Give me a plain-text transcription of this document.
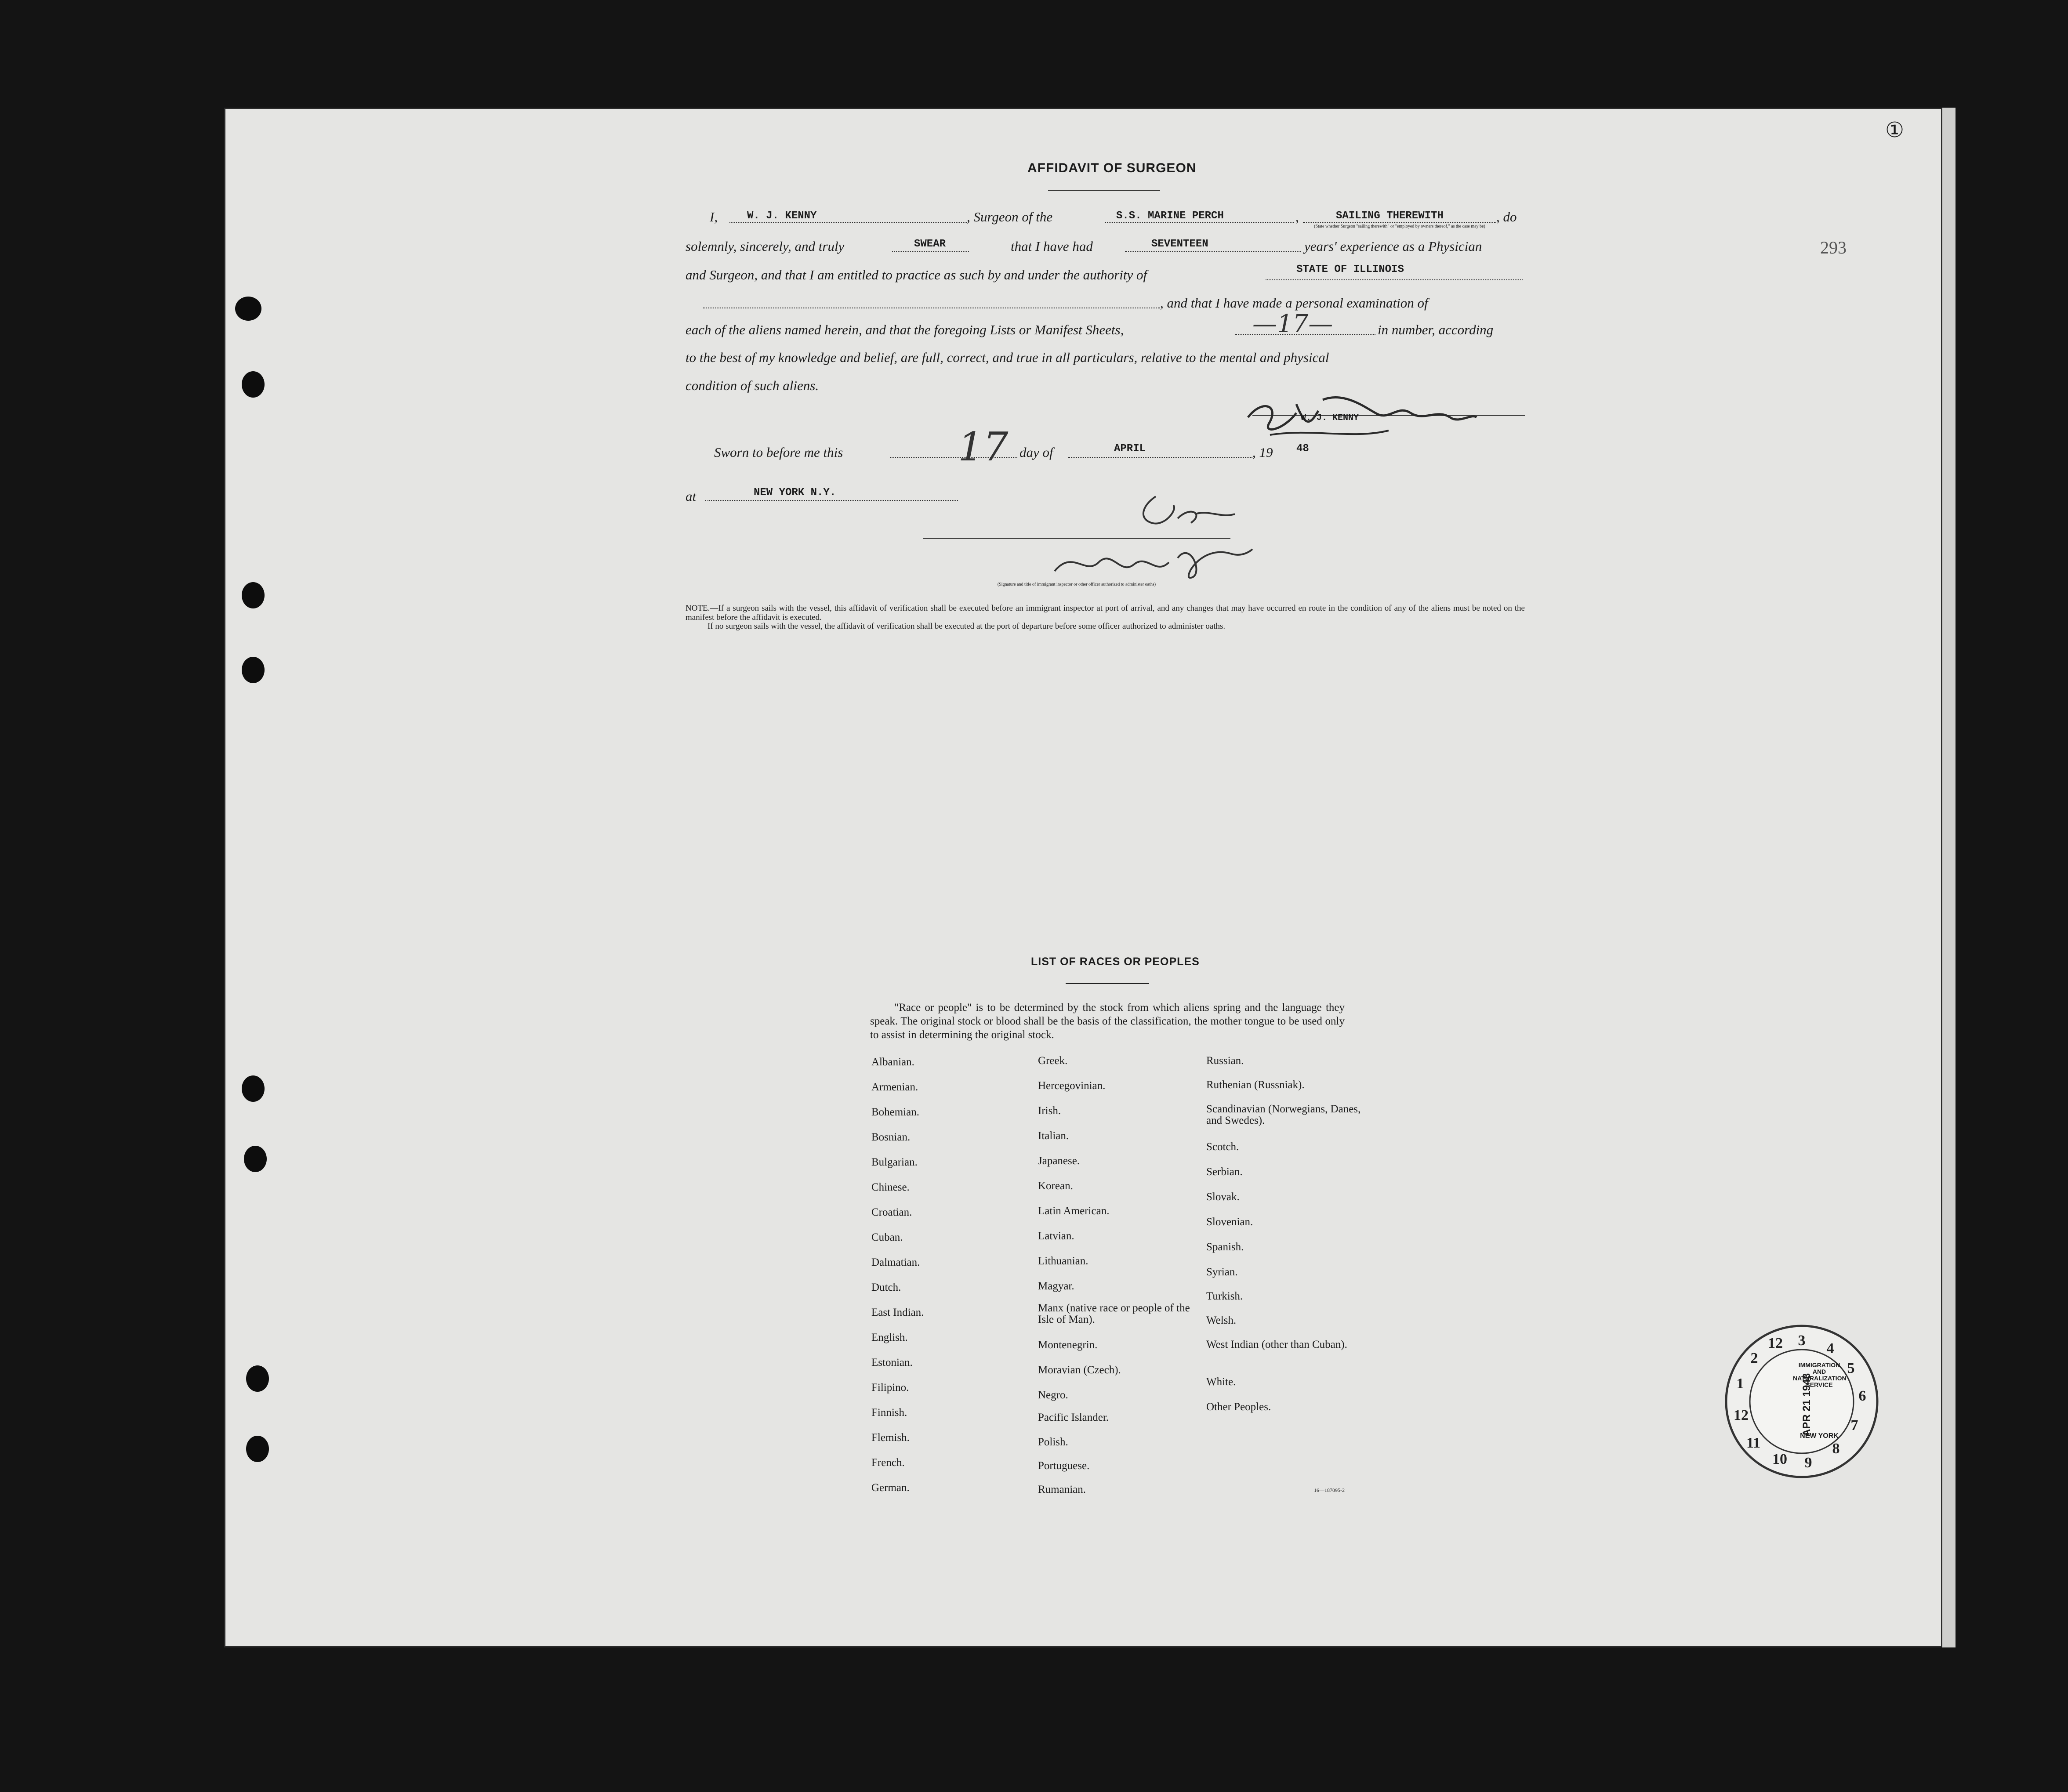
①
293
AFFIDAVIT OF SURGEON
I,	W. J. KENNY	, Surgeon of the	S.S. MARINE PERCH	,	SAILING THEREWITH
(State whether Surgeon "sailing therewith" or "employed by owners thereof," as the case may be)
, do
solemnly, sincerely, and truly	SWEAR	that I have had	SEVENTEEN	years' experience as a Physician
and Surgeon, and that I am entitled to practice as such by and under the authority of	STATE OF ILLINOIS
, and that I have made a personal examination of
each of the aliens named herein, and that the foregoing Lists or Manifest Sheets,	—17—	in number, according
to the best of my knowledge and belief, are full, correct, and true in all particulars, relative to the mental and physical
condition of such aliens.
W. J. KENNY
Sworn to before me this	17 day of	APRIL	, 19 48
at	NEW YORK N.Y.
(Signature and title of immigrant inspector or other officer authorized to administer oaths)
NOTE.—If a surgeon sails with the vessel, this affidavit of verification shall be executed before an immigrant inspector at port of arrival, and any changes that may have occurred en route in the condition of any of the aliens must be noted on the manifest before the affidavit is executed.
If no surgeon sails with the vessel, the affidavit of verification shall be executed at the port of departure before some officer authorized to administer oaths.
LIST OF RACES OR PEOPLES
"Race or people" is to be determined by the stock from which aliens spring and the language they speak. The original stock or blood shall be the basis of the classification, the mother tongue to be used only to assist in determining the original stock.
Albanian.
Armenian.
Bohemian.
Bosnian.
Bulgarian.
Chinese.
Croatian.
Cuban.
Dalmatian.
Dutch.
East Indian.
English.
Estonian.
Filipino.
Finnish.
Flemish.
French.
German.
Greek.
Hercegovinian.
Irish.
Italian.
Japanese.
Korean.
Latin American.
Latvian.
Lithuanian.
Magyar.
Manx (native race or people of the Isle of Man).
Montenegrin.
Moravian (Czech).
Negro.
Pacific Islander.
Polish.
Portuguese.
Rumanian.
Russian.
Ruthenian (Russniak).
Scandinavian (Norwegians, Danes, and Swedes).
Scotch.
Serbian.
Slovak.
Slovenian.
Spanish.
Syrian.
Turkish.
Welsh.
West Indian (other than Cuban).
White.
Other Peoples.
16—187095-2
3 4
5
6
7
8
9
10
11
12
1
2
12
APR 21 1948
IMMIGRATION AND NATURALIZATION SERVICE
NEW YORK
